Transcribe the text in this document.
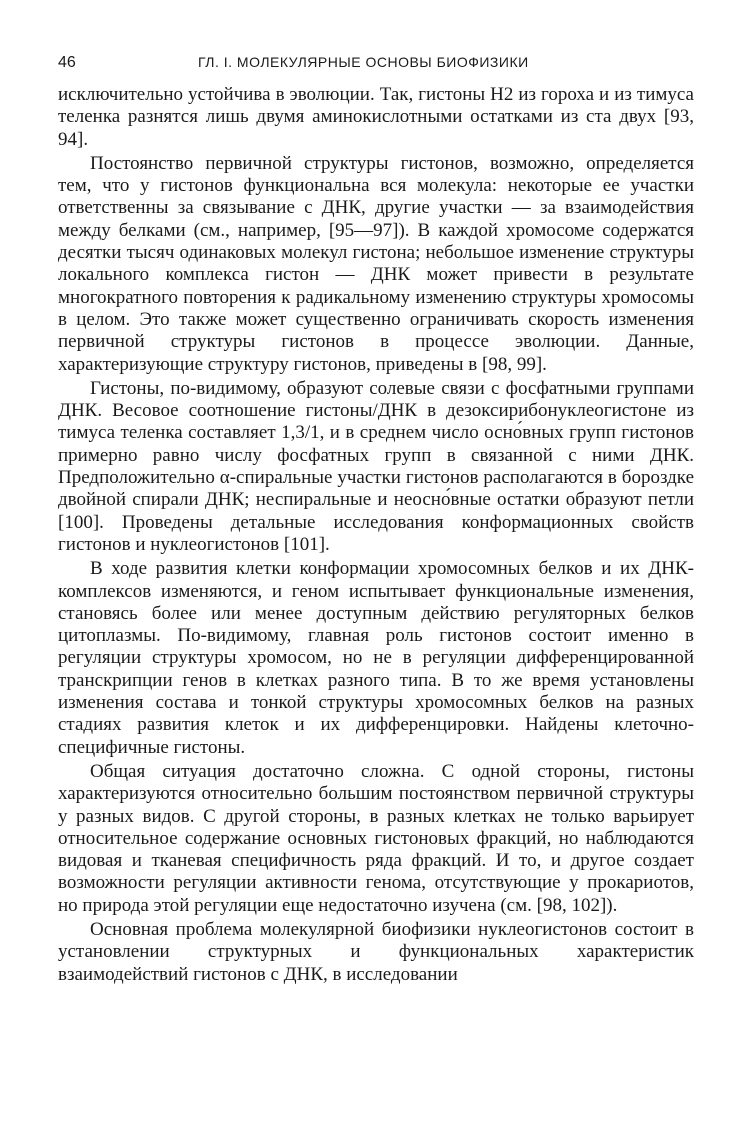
46	ГЛ. I. МОЛЕКУЛЯРНЫЕ ОСНОВЫ БИОФИЗИКИ

исключительно устойчива в эволюции. Так, гистоны Н2 из гороха и из тимуса теленка разнятся лишь двумя аминокислотными остатками из ста двух [93, 94].

Постоянство первичной структуры гистонов, возможно, определяется тем, что у гистонов функциональна вся молекула: некоторые ее участки ответственны за связывание с ДНК, другие участки — за взаимодействия между белками (см., например, [95—97]). В каждой хромосоме содержатся десятки тысяч одинаковых молекул гистона; небольшое изменение структуры локального комплекса гистон — ДНК может привести в результате многократного повторения к радикальному изменению структуры хромосомы в целом. Это также может существенно ограничивать скорость изменения первичной структуры гистонов в процессе эволюции. Данные, характеризующие структуру гистонов, приведены в [98, 99].

Гистоны, по-видимому, образуют солевые связи с фосфатными группами ДНК. Весовое соотношение гистоны/ДНК в дезоксирибонуклеогистоне из тимуса теленка составляет 1,3/1, и в среднем число осно́вных групп гистонов примерно равно числу фосфатных групп в связанной с ними ДНК. Предположительно α-спиральные участки гистонов располагаются в бороздке двойной спирали ДНК; неспиральные и неосно́вные остатки образуют петли [100]. Проведены детальные исследования конформационных свойств гистонов и нуклеогистонов [101].

В ходе развития клетки конформации хромосомных белков и их ДНК-комплексов изменяются, и геном испытывает функциональные изменения, становясь более или менее доступным действию регуляторных белков цитоплазмы. По-видимому, главная роль гистонов состоит именно в регуляции структуры хромосом, но не в регуляции дифференцированной транскрипции генов в клетках разного типа. В то же время установлены изменения состава и тонкой структуры хромосомных белков на разных стадиях развития клеток и их дифференцировки. Найдены клеточно-специфичные гистоны.

Общая ситуация достаточно сложна. С одной стороны, гистоны характеризуются относительно большим постоянством первичной структуры у разных видов. С другой стороны, в разных клетках не только варьирует относительное содержание основных гистоновых фракций, но наблюдаются видовая и тканевая специфичность ряда фракций. И то, и другое создает возможности регуляции активности генома, отсутствующие у прокариотов, но природа этой регуляции еще недостаточно изучена (см. [98, 102]).

Основная проблема молекулярной биофизики нуклеогистонов состоит в установлении структурных и функциональных характеристик взаимодействий гистонов с ДНК, в исследовании
